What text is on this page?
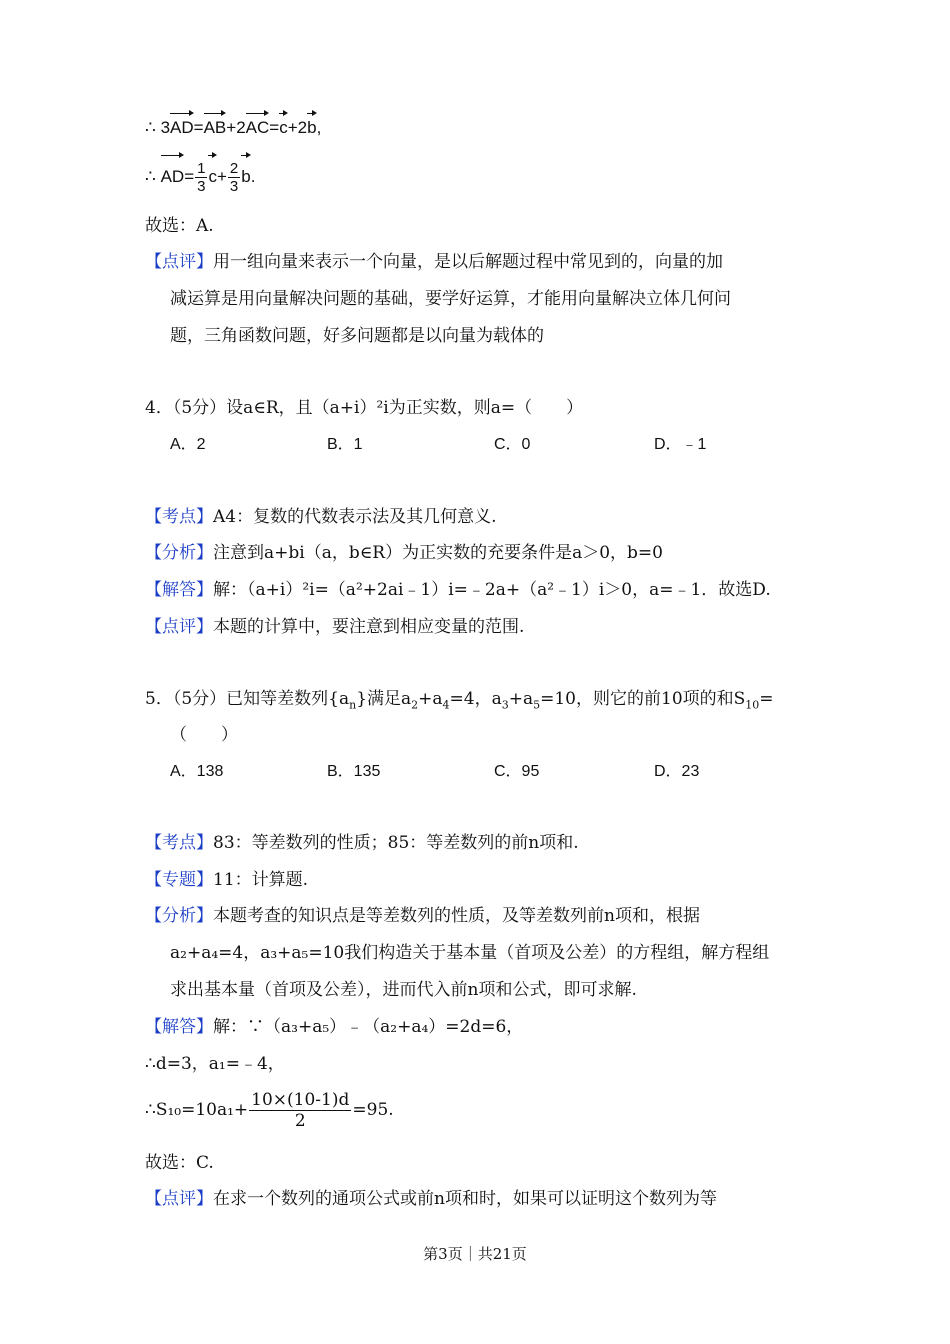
∴ 3AD=AB+2AC=c+2b,
∴ $AD= \frac{1}{3} c+ \frac{2}{3} b$.
故选：A.
【点评】用一组向量来表示一个向量，是以后解题过程中常见到的，向量的加
减运算是用向量解决问题的基础，要学好运算，才能用向量解决立体几何问
题，三角函数问题，好多问题都是以向量为载体的
4．（5分）设a∈R，且（a+i）²i为正实数，则a=（　　）
A．2	B．1	C．0	D．﹣1
【考点】A4：复数的代数表示法及其几何意义.
【分析】注意到a+bi（a，b∈R）为正实数的充要条件是a＞0，b=0
【解答】解：（a+i）²i=（a²+2ai﹣1）i=﹣2a+（a²﹣1）i＞0，a=﹣1．故选D.
【点评】本题的计算中，要注意到相应变量的范围.
5．（5分）已知等差数列$\{a_n\}$满足$a_2+a_4=4$，$a_3+a_5=10$，则它的前10项的和$S_{10}=$
（　　）
A．138	B．135	C．95	D．23
【考点】83：等差数列的性质；85：等差数列的前n项和.
【专题】11：计算题.
【分析】本题考查的知识点是等差数列的性质，及等差数列前n项和，根据
a₂+a₄=4，a₃+a₅=10我们构造关于基本量（首项及公差）的方程组，解方程组
求出基本量（首项及公差），进而代入前n项和公式，即可求解.
【解答】解：∵（a₃+a₅）﹣（a₂+a₄）=2d=6，
∴d=3，a₁=﹣4，
∴S₁₀=10a₁+ $\frac{10\times(10-1)d}{2} =95$.
故选：C.
【点评】在求一个数列的通项公式或前n项和时，如果可以证明这个数列为等
第3页｜共21页
